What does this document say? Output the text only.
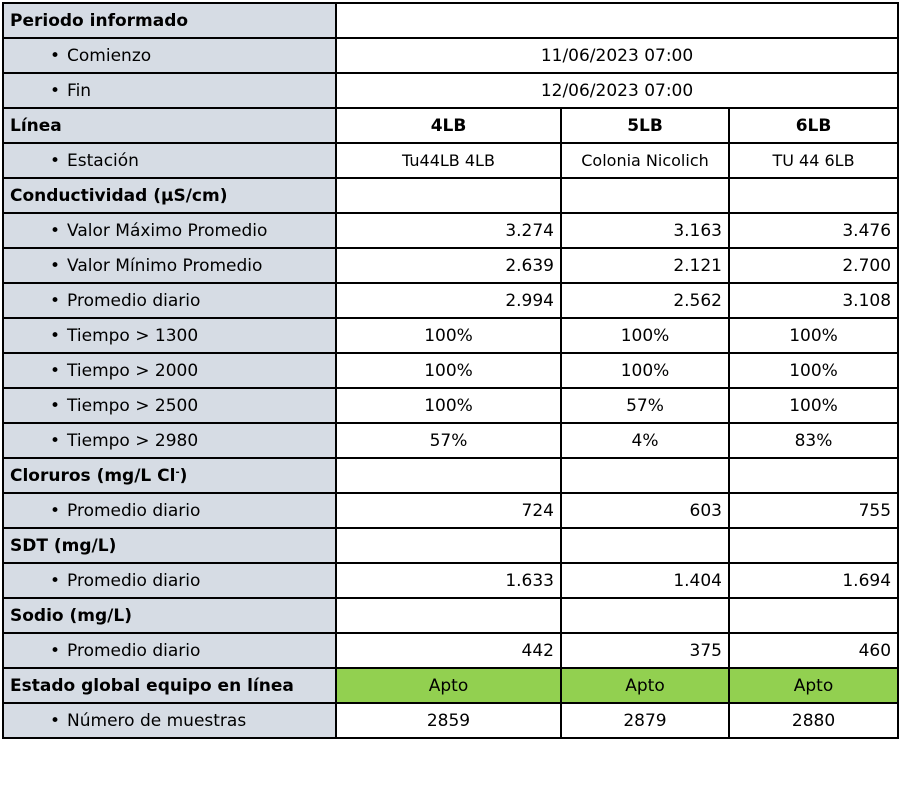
Periodo informado			
• Comienzo	11/06/2023 07:00		
• Fin	12/06/2023 07:00		
Línea	4LB	5LB	6LB
• Estación	Tu44LB 4LB	Colonia Nicolich	TU 44 6LB
Conductividad (µS/cm)			
• Valor Máximo Promedio	3.274	3.163	3.476
• Valor Mínimo Promedio	2.639	2.121	2.700
• Promedio diario	2.994	2.562	3.108
• Tiempo > 1300	100%	100%	100%
• Tiempo > 2000	100%	100%	100%
• Tiempo > 2500	100%	57%	100%
• Tiempo > 2980	57%	4%	83%
Cloruros (mg/L Cl-)			
• Promedio diario	724	603	755
SDT (mg/L)			
• Promedio diario	1.633	1.404	1.694
Sodio (mg/L)			
• Promedio diario	442	375	460
Estado global equipo en línea	Apto	Apto	Apto
• Número de muestras	2859	2879	2880
